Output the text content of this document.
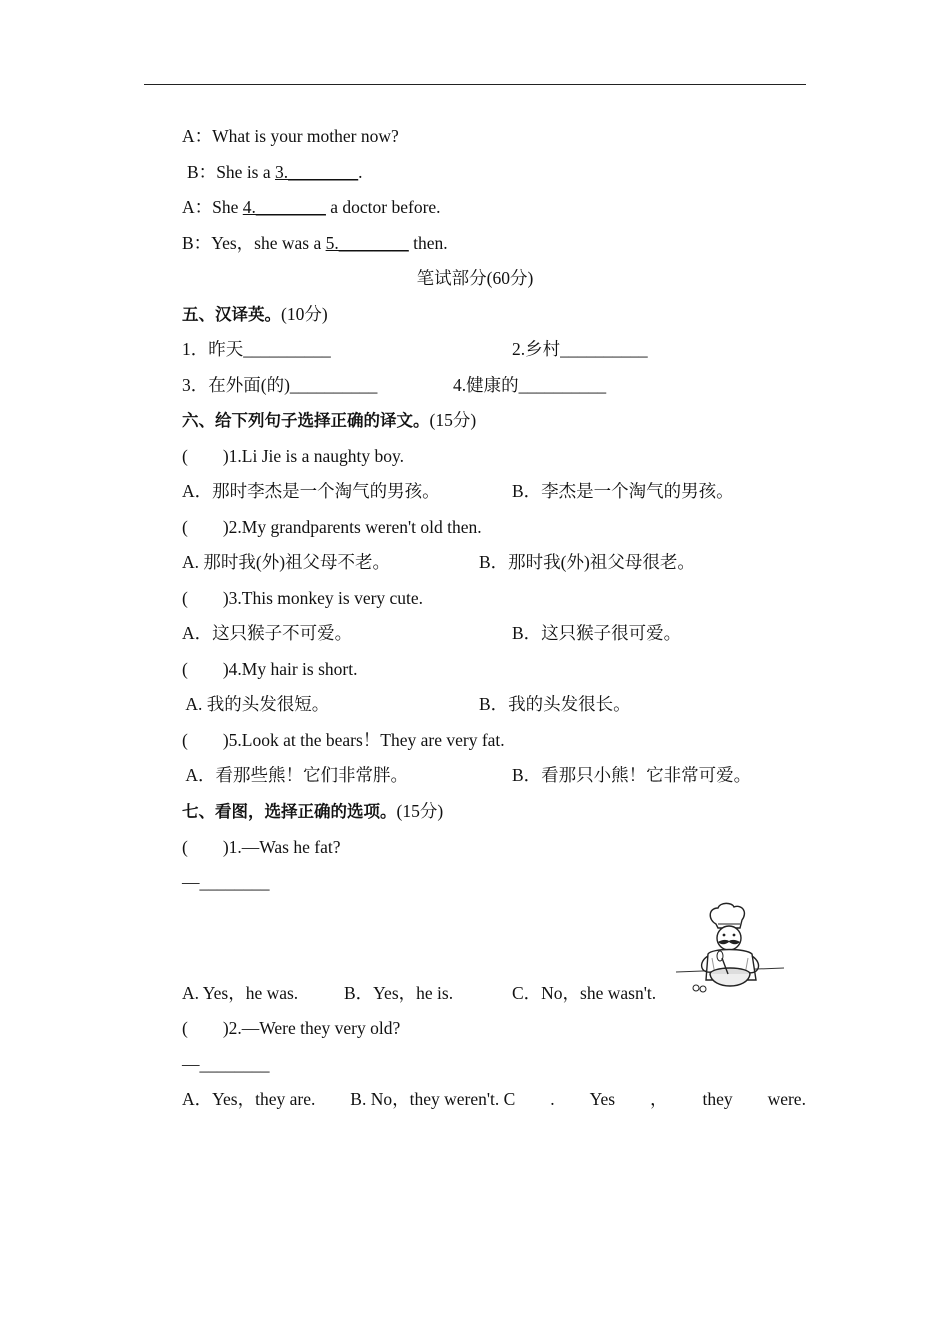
A：What is your mother now?
B：She is a 3.________.
A：She 4.________ a doctor before.
B：Yes，she was a 5.________ then.
笔试部分(60分)
五、汉译英。(10分)
1．昨天__________	2.乡村__________
3．在外面(的)__________	4.健康的__________
六、给下列句子选择正确的译文。(15分)
(        )1.Li Jie is a naughty boy.
A．那时李杰是一个淘气的男孩。	B．李杰是一个淘气的男孩。
(        )2.My grandparents weren't old then.
A. 那时我(外)祖父母不老。	B．那时我(外)祖父母很老。
(        )3.This monkey is very cute.
A．这只猴子不可爱。	B．这只猴子很可爱。
(        )4.My hair is short.
A. 我的头发很短。	B．我的头发很长。
(        )5.Look at the bears！They are very fat.
A．看那些熊！它们非常胖。	B．看那只小熊！它非常可爱。
七、看图，选择正确的选项。(15分)
(        )1.—Was he fat?
—________
A. Yes，he was.	B．Yes，he is.	C．No，she wasn't.
(        )2.—Were they very old?
—________
A．Yes，they are. B. No，they weren't. C . Yes ， they were.
